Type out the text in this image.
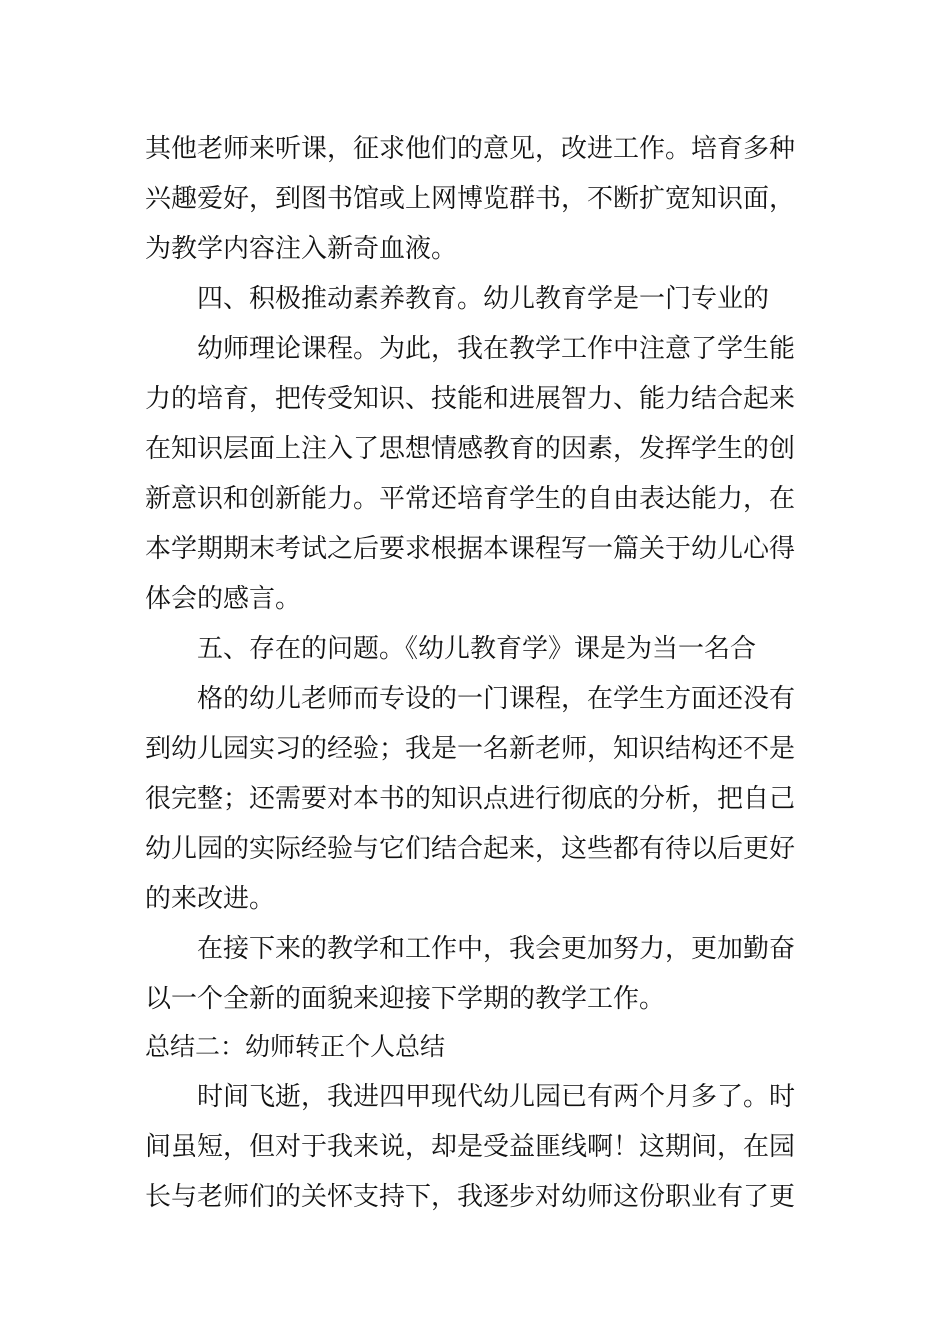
其他老师来听课，征求他们的意见，改进工作。培育多种
兴趣爱好，到图书馆或上网博览群书，不断扩宽知识面，
为教学内容注入新奇血液。
四、积极推动素养教育。幼儿教育学是一门专业的
幼师理论课程。为此，我在教学工作中注意了学生能
力的培育，把传受知识、技能和进展智力、能力结合起来
在知识层面上注入了思想情感教育的因素，发挥学生的创
新意识和创新能力。平常还培育学生的自由表达能力，在
本学期期末考试之后要求根据本课程写一篇关于幼儿心得
体会的感言。
五、存在的问题。《幼儿教育学》课是为当一名合
格的幼儿老师而专设的一门课程，在学生方面还没有
到幼儿园实习的经验；我是一名新老师，知识结构还不是
很完整；还需要对本书的知识点进行彻底的分析，把自己
幼儿园的实际经验与它们结合起来，这些都有待以后更好
的来改进。
在接下来的教学和工作中，我会更加努力，更加勤奋
以一个全新的面貌来迎接下学期的教学工作。
总结二：幼师转正个人总结
时间飞逝，我进四甲现代幼儿园已有两个月多了。时
间虽短，但对于我来说，却是受益匪线啊！这期间，在园
长与老师们的关怀支持下，我逐步对幼师这份职业有了更
